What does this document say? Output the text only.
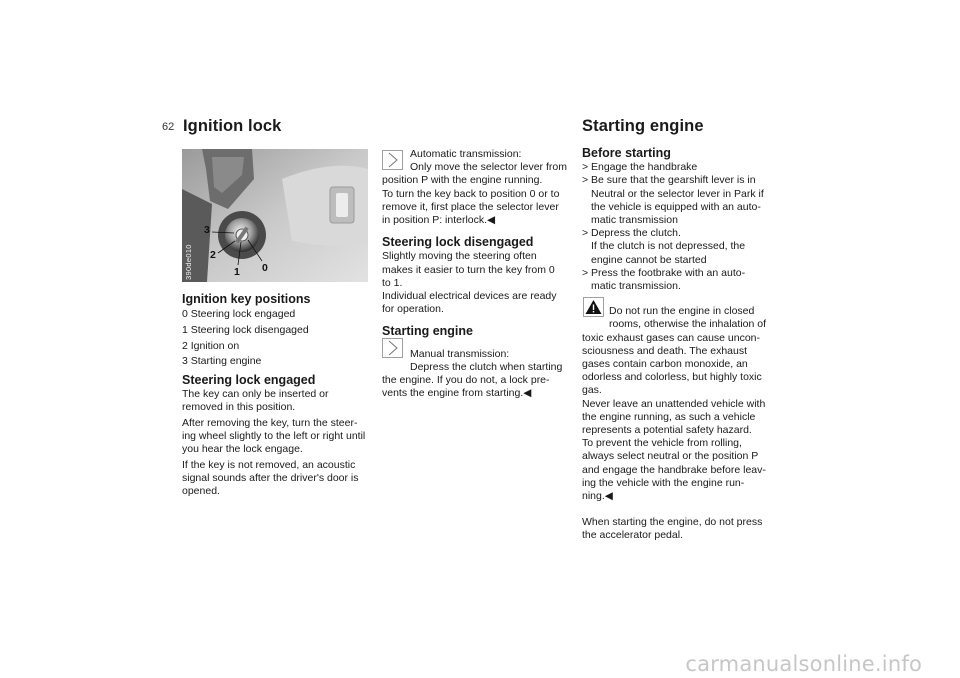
62 Ignition lock	Starting engine
390de010
3
2
1 0
Ignition key positions

0 Steering lock engaged

1 Steering lock disengaged

2 Ignition on

3 Starting engine

Steering lock engaged

The key can only be inserted or

removed in this position.

After removing the key, turn the steer-

ing wheel slightly to the left or right until

you hear the lock engage.

If the key is not removed, an acoustic

signal sounds after the driver's door is

opened.

Automatic transmission:

Only move the selector lever from

position P with the engine running.

To turn the key back to position 0 or to

remove it, first place the selector lever

in position P: interlock.◀

Steering lock disengaged

Slightly moving the steering often

makes it easier to turn the key from 0

to 1.

Individual electrical devices are ready

for operation.

Starting engine

Manual transmission:

Depress the clutch when starting

the engine. If you do not, a lock pre-

vents the engine from starting.◀

Before starting
> Engage the handbrake

> Be sure that the gearshift lever is in

Neutral or the selector lever in Park if

the vehicle is equipped with an auto-

matic transmission

> Depress the clutch.

If the clutch is not depressed, the

engine cannot be started

> Press the footbrake with an auto-

matic transmission.

Do not run the engine in closed

rooms, otherwise the inhalation of

toxic exhaust gases can cause uncon-

sciousness and death. The exhaust

gases contain carbon monoxide, an

odorless and colorless, but highly toxic

gas.

Never leave an unattended vehicle with

the engine running, as such a vehicle

represents a potential safety hazard.

To prevent the vehicle from rolling,

always select neutral or the position P

and engage the handbrake before leav-

ing the vehicle with the engine run-

ning.◀

When starting the engine, do not press

the accelerator pedal.

carmanualsonline.info
